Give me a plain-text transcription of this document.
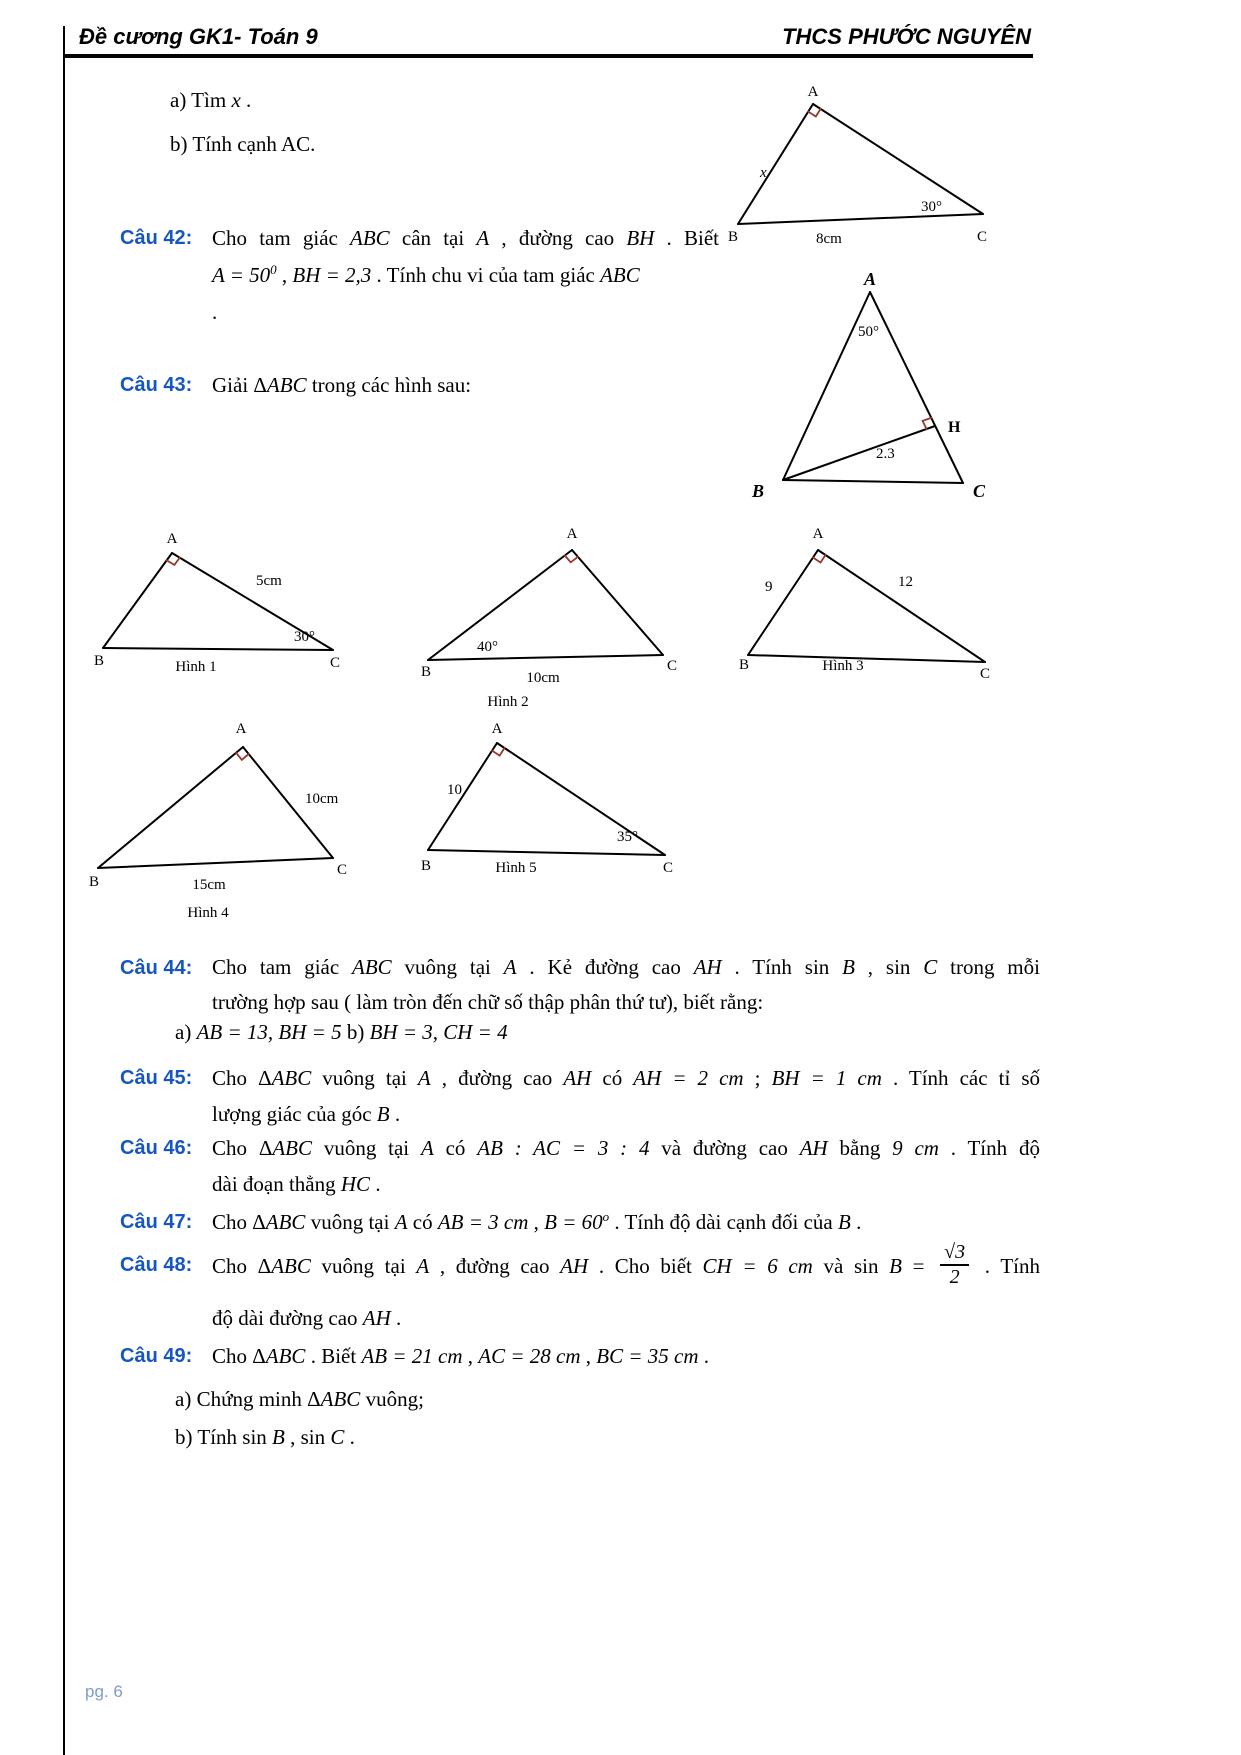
Đề cương GK1- Toán 9	THCS PHƯỚC NGUYÊN
a) Tìm x .
b) Tính cạnh AC.
A
x
30°
B	8cm	C
Câu 42: Cho tam giác ABC cân tại A , đường cao BH . Biết
$A = 50^0$ , BH = 2,3 . Tính chu vi của tam giác ABC
.
A
50°
H
2.3
B	C
Câu 43: Giải ΔABC trong các hình sau:
A
5cm
30°
B	Hình 1	C
A
40°
B	10cm
C
Hình 2
A
9	12
B	Hình 3	C
A
10cm
B	15cm
C
Hình 4
A
10
35°
B	Hình 5	C
Câu 44: Cho tam giác ABC vuông tại A . Kẻ đường cao AH . Tính sin B , sin C trong mỗi
trường hợp sau ( làm tròn đến chữ số thập phân thứ tư), biết rằng:
a) AB = 13, BH = 5 b) BH = 3, CH = 4
Câu 45: Cho ΔABC vuông tại A , đường cao AH có AH = 2 cm ; BH = 1 cm . Tính các tỉ số
lượng giác của góc B .
Câu 46: Cho ΔABC vuông tại A có AB : AC = 3 : 4 và đường cao AH bằng 9 cm . Tính độ
dài đoạn thẳng HC .
Câu 47: Cho ΔABC vuông tại A có AB = 3 cm , $B = 60^o$ . Tính độ dài cạnh đối của B .
Câu 48: Cho ΔABC vuông tại A , đường cao AH . Cho biết CH = 6 cm và $\sin B = \frac{√3}{2}$ . Tính
độ dài đường cao AH .
Câu 49: Cho ΔABC . Biết AB = 21 cm , AC = 28 cm , BC = 35 cm .
a) Chứng minh ΔABC vuông;
b) Tính sin B , sin C .
pg. 6
